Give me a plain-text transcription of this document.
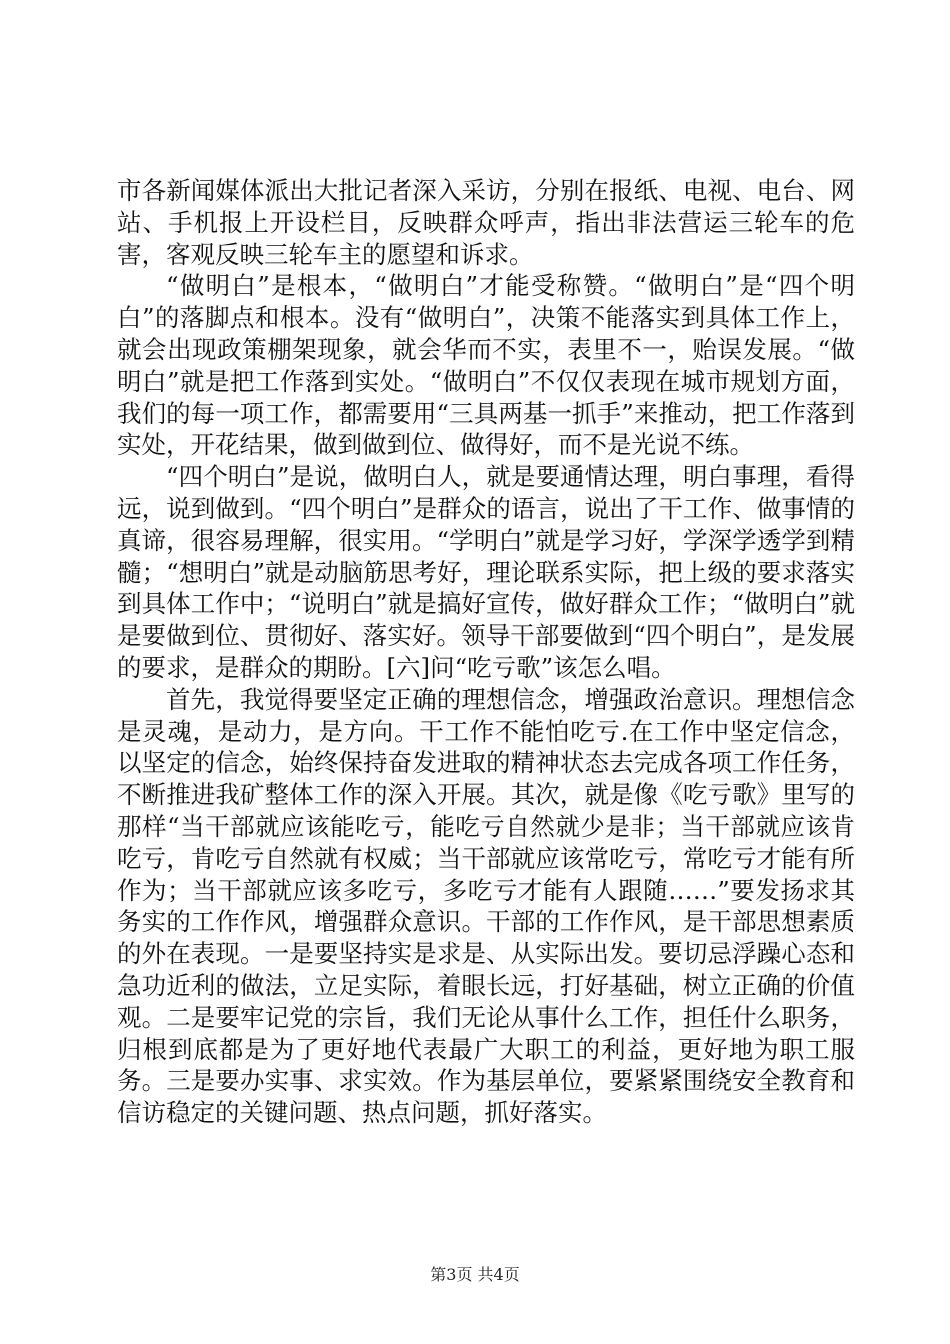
市各新闻媒体派出大批记者深入采访，分别在报纸、电视、电台、网站、手机报上开设栏目，反映群众呼声，指出非法营运三轮车的危害，客观反映三轮车主的愿望和诉求。

“做明白”是根本，“做明白”才能受称赞。“做明白”是“四个明白”的落脚点和根本。没有“做明白”，决策不能落实到具体工作上，就会出现政策棚架现象，就会华而不实，表里不一，贻误发展。“做明白”就是把工作落到实处。“做明白”不仅仅表现在城市规划方面，我们的每一项工作，都需要用“三具两基一抓手”来推动，把工作落到实处，开花结果，做到做到位、做得好，而不是光说不练。

“四个明白”是说，做明白人，就是要通情达理，明白事理，看得远，说到做到。“四个明白”是群众的语言，说出了干工作、做事情的真谛，很容易理解，很实用。“学明白”就是学习好，学深学透学到精髓；“想明白”就是动脑筋思考好，理论联系实际，把上级的要求落实到具体工作中；“说明白”就是搞好宣传，做好群众工作；“做明白”就是要做到位、贯彻好、落实好。领导干部要做到“四个明白”，是发展的要求，是群众的期盼。[六]问“吃亏歌”该怎么唱。

首先，我觉得要坚定正确的理想信念，增强政治意识。理想信念是灵魂，是动力，是方向。干工作不能怕吃亏.在工作中坚定信念，以坚定的信念，始终保持奋发进取的精神状态去完成各项工作任务，不断推进我矿整体工作的深入开展。其次，就是像《吃亏歌》里写的那样“当干部就应该能吃亏，能吃亏自然就少是非；当干部就应该肯吃亏，肯吃亏自然就有权威；当干部就应该常吃亏，常吃亏才能有所作为；当干部就应该多吃亏，多吃亏才能有人跟随……”要发扬求其务实的工作作风，增强群众意识。干部的工作作风，是干部思想素质的外在表现。一是要坚持实是求是、从实际出发。要切忌浮躁心态和急功近利的做法，立足实际，着眼长远，打好基础，树立正确的价值观。二是要牢记党的宗旨，我们无论从事什么工作，担任什么职务，归根到底都是为了更好地代表最广大职工的利益，更好地为职工服务。三是要办实事、求实效。作为基层单位，要紧紧围绕安全教育和信访稳定的关键问题、热点问题，抓好落实。

第3页 共4页
